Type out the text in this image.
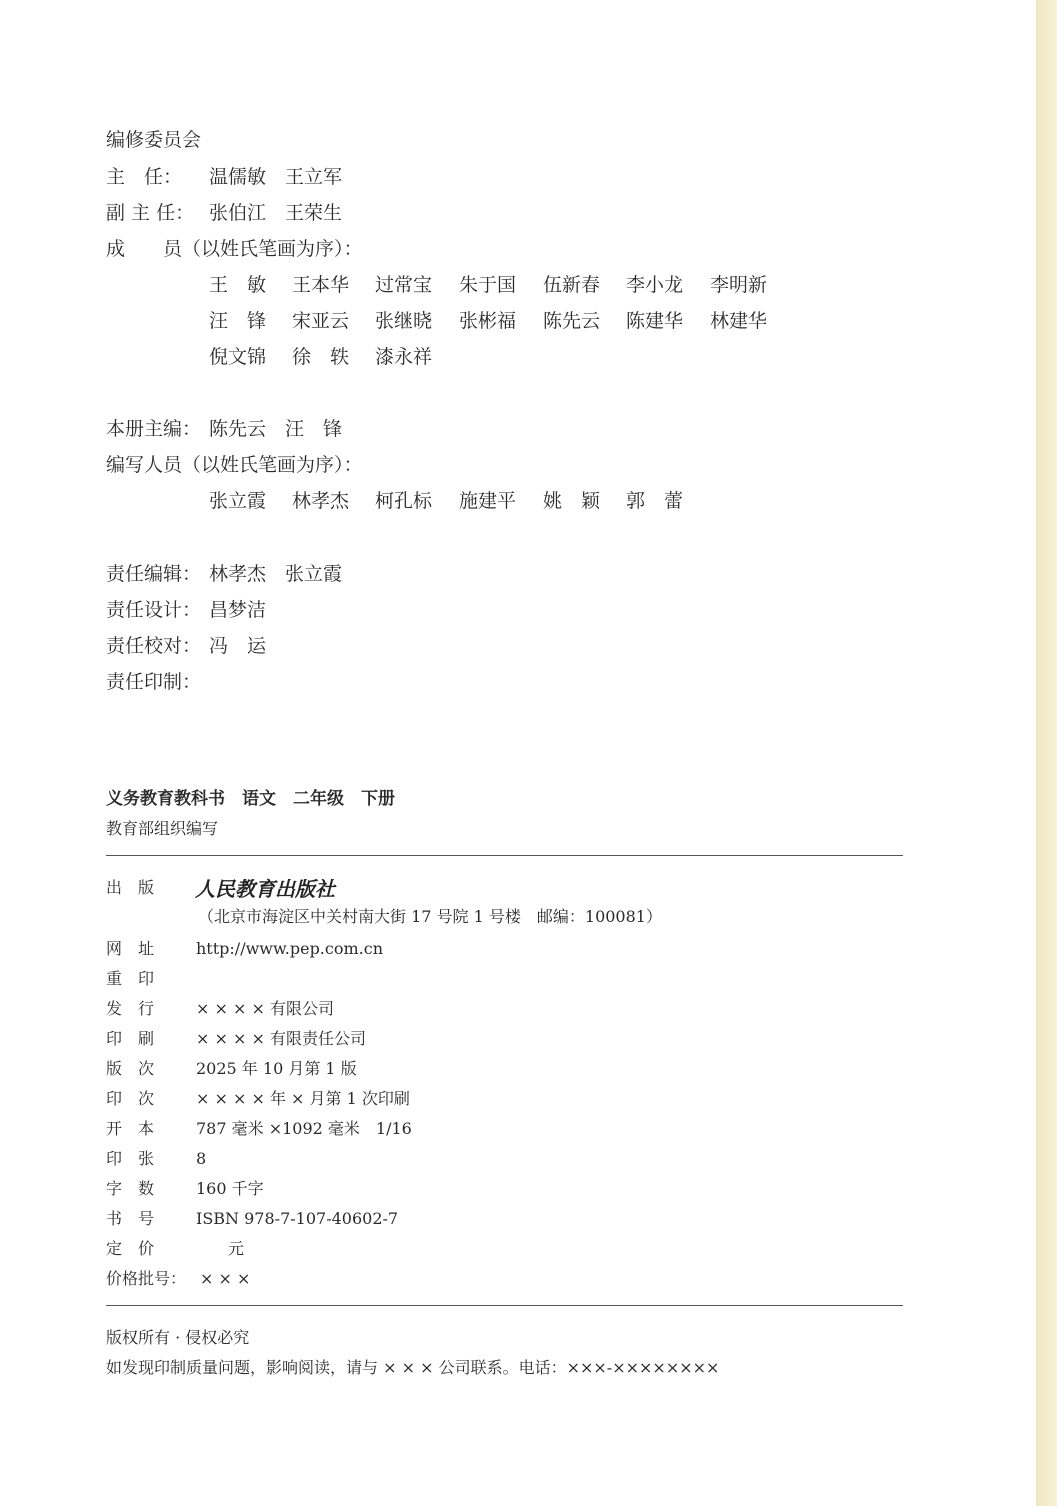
编修委员会
主　任： 温儒敏　王立军
副 主 任： 张伯江　王荣生
成　　员（以姓氏笔画为序）：
王　敏 王本华 过常宝 朱于国 伍新春 李小龙 李明新
汪　锋 宋亚云 张继晓 张彬福 陈先云 陈建华 林建华
倪文锦 徐　轶 漆永祥
本册主编： 陈先云　汪　锋
编写人员（以姓氏笔画为序）：
张立霞 林孝杰 柯孔标 施建平 姚　颖 郭　蕾
责任编辑： 林孝杰　张立霞
责任设计： 昌梦洁
责任校对： 冯　运
责任印制：
义务教育教科书　语文　二年级　下册
教育部组织编写
出　版 人民教育出版社
（北京市海淀区中关村南大街 17 号院 1 号楼　邮编：100081）
网　址	http://www.pep.com.cn
重　印
发　行	× × × × 有限公司
印　刷	× × × × 有限责任公司
版　次	2025 年 10 月第 1 版
印　次	× × × × 年 × 月第 1 次印刷
开　本	787 毫米 ×1092 毫米　1/16
印　张	8
字　数	160 千字
书　号	ISBN 978-7-107-40602-7
定　价	　　元
价格批号： × × ×
版权所有 · 侵权必究
如发现印制质量问题，影响阅读，请与 × × × 公司联系。电话：×××-××××××××
